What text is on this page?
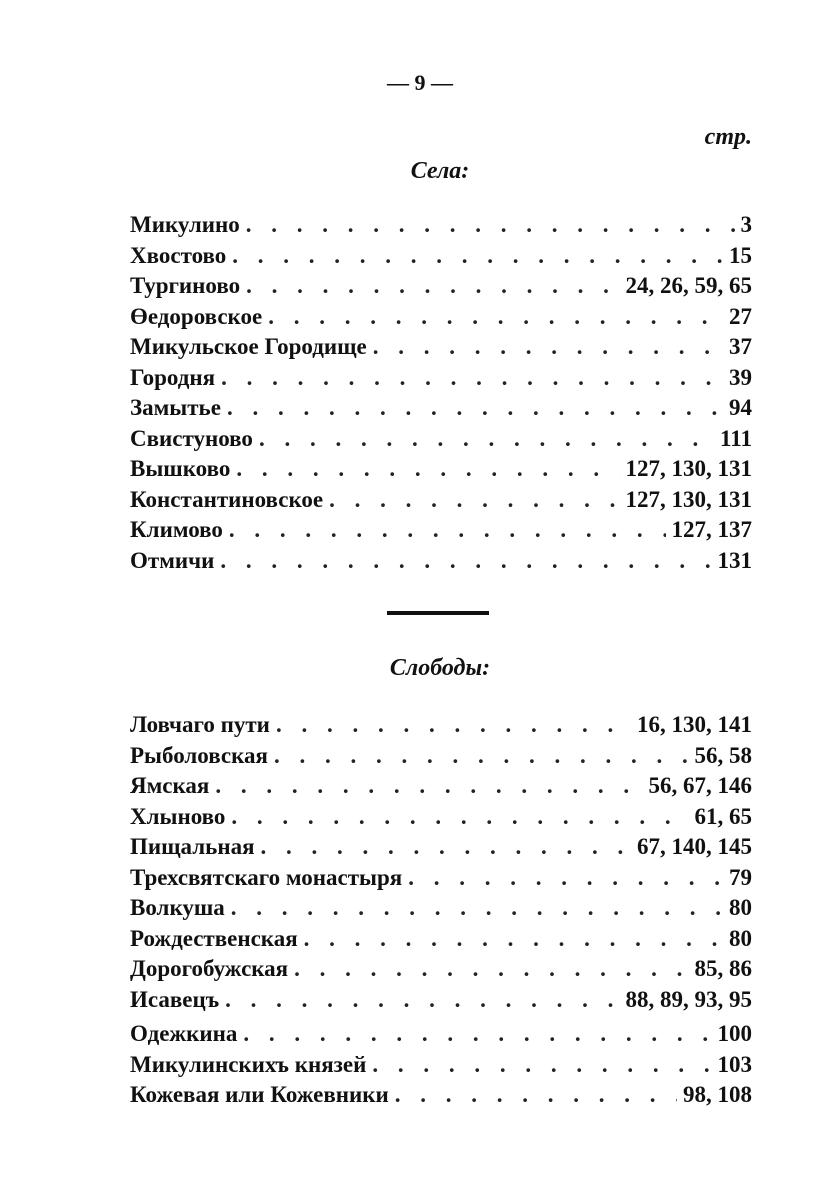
— 9 —
стр.
Села:
Микулино . . .	3
Хвостово . . .	15
Тургиново . . .	24, 26, 59, 65
Өедоровское . . .	27
Микульское Городище . . .	37
Городня . . .	39
Замытье . . .	94
Свистуново . . .	111
Вышково . . .	127, 130, 131
Константиновское . . .	127, 130, 131
Климово . . .	127, 137
Отмичи . . .	131
Слободы:
Ловчаго пути . . .	16, 130, 141
Рыболовская . . .	56, 58
Ямская . . .	56, 67, 146
Хлыново . . .	61, 65
Пищальная . . .	67, 140, 145
Трехсвятскаго монастыря . . .	79
Волкуша . . .	80
Рождественская . . .	80
Дорогобужская . . .	85, 86
Исавецъ . . .	88, 89, 93, 95
Одежкина . . .	100
Микулинскихъ князей . . .	103
Кожевая или Кожевники . . .	98, 108
